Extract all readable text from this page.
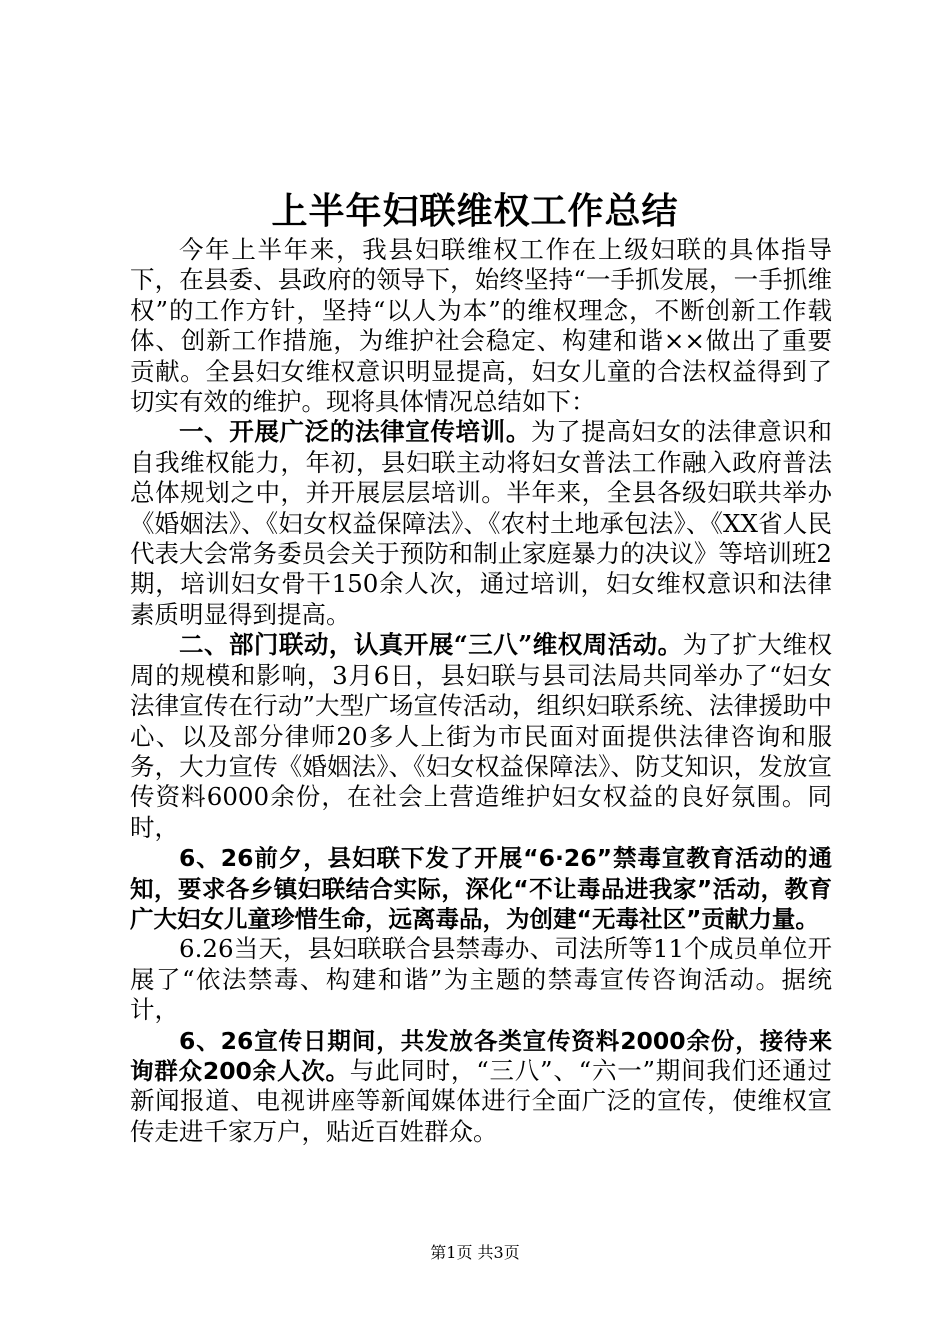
上半年妇联维权工作总结

今年上半年来，我县妇联维权工作在上级妇联的具体指导下，在县委、县政府的领导下，始终坚持“一手抓发展，一手抓维权”的工作方针，坚持“以人为本”的维权理念，不断创新工作载体、创新工作措施，为维护社会稳定、构建和谐××做出了重要贡献。全县妇女维权意识明显提高，妇女儿童的合法权益得到了切实有效的维护。现将具体情况总结如下：

一、开展广泛的法律宣传培训。为了提高妇女的法律意识和自我维权能力，年初，县妇联主动将妇女普法工作融入政府普法总体规划之中，并开展层层培训。半年来，全县各级妇联共举办《婚姻法》、《妇女权益保障法》、《农村土地承包法》、《XX省人民代表大会常务委员会关于预防和制止家庭暴力的决议》等培训班2期，培训妇女骨干150余人次，通过培训，妇女维权意识和法律素质明显得到提高。

二、部门联动，认真开展“三八”维权周活动。为了扩大维权周的规模和影响，3月6日，县妇联与县司法局共同举办了“妇女法律宣传在行动”大型广场宣传活动，组织妇联系统、法律援助中心、以及部分律师20多人上街为市民面对面提供法律咨询和服务，大力宣传《婚姻法》、《妇女权益保障法》、防艾知识，发放宣传资料6000余份，在社会上营造维护妇女权益的良好氛围。同时，

6、26前夕，县妇联下发了开展“6·26”禁毒宣教育活动的通知，要求各乡镇妇联结合实际，深化“不让毒品进我家”活动，教育广大妇女儿童珍惜生命，远离毒品，为创建“无毒社区”贡献力量。

6.26当天，县妇联联合县禁毒办、司法所等11个成员单位开展了“依法禁毒、构建和谐”为主题的禁毒宣传咨询活动。据统计，

6、26宣传日期间，共发放各类宣传资料2000余份，接待来询群众200余人次。与此同时，“三八”、“六一”期间我们还通过新闻报道、电视讲座等新闻媒体进行全面广泛的宣传，使维权宣传走进千家万户，贴近百姓群众。

第1页 共3页
